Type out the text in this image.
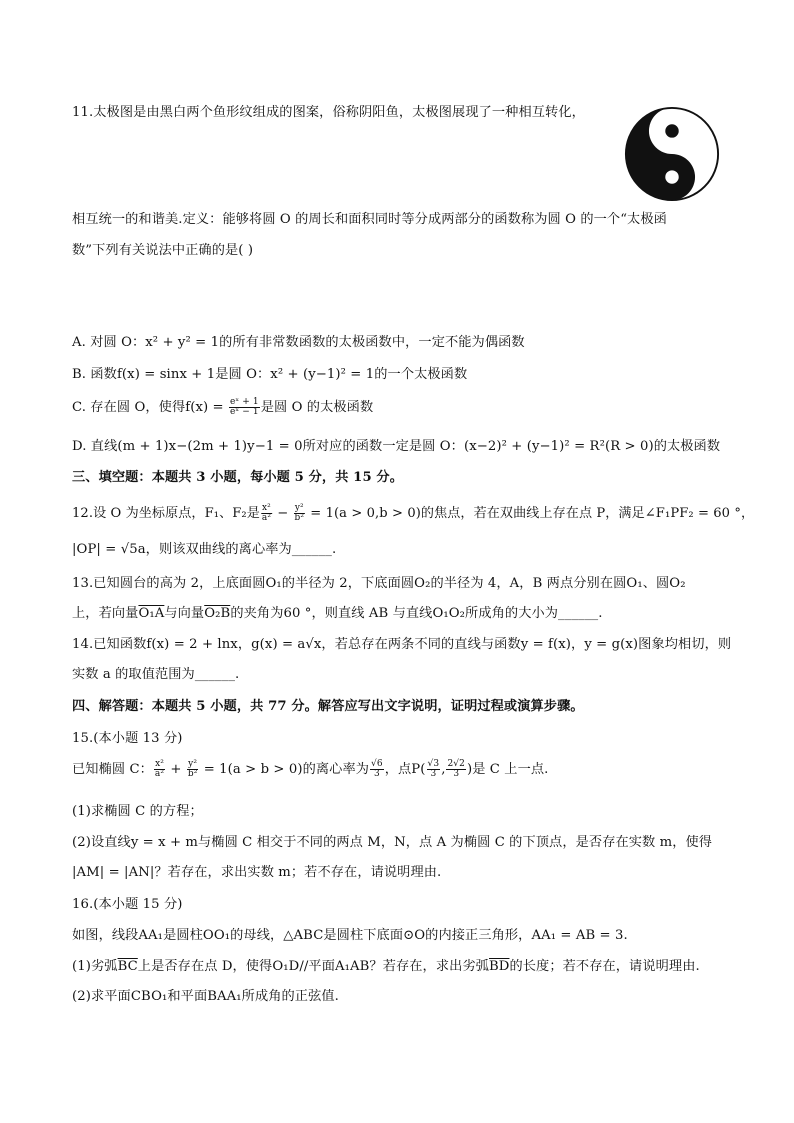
11.太极图是由黑白两个鱼形纹组成的图案，俗称阴阳鱼，太极图展现了一种相互转化，
相互统一的和谐美.定义：能够将圆 O 的周长和面积同时等分成两部分的函数称为圆 O 的一个“太极函
数”下列有关说法中正确的是( )
A. 对圆 O：x² + y² = 1的所有非常数函数的太极函数中，一定不能为偶函数
B. 函数f(x) = sinx + 1是圆 O：x² + (y−1)² = 1的一个太极函数
C. 存在圆 O，使得$f(x) = \frac{\text{eˣ + 1}}{\text{eˣ − 1}}$ 是圆 O 的太极函数
D. 直线(m + 1)x−(2m + 1)y−1 = 0所对应的函数一定是圆 O：(x−2)² + (y−1)² = R²(R > 0)的太极函数
三、填空题：本题共 3 小题，每小题 5 分，共 15 分。
12.设 O 为坐标原点，F₁、F₂是 $\frac{\text{x²}}{\text{a²}} - \frac{\text{y²}}{\text{b²}} = 1(a > 0,b > 0)$的焦点，若在双曲线上存在点 P，满足∠F₁PF₂ = 60 °，
|OP| = √5a，则该双曲线的离心率为______.
13.已知圆台的高为 2，上底面圆O₁的半径为 2，下底面圆O₂的半径为 4，A，B 两点分别在圆O₁、圆O₂
上，若向量O₁A与向量O₂B的夹角为60 °，则直线 AB 与直线O₁O₂所成角的大小为______.
14.已知函数f(x) = 2 + lnx，g(x) = a√x，若总存在两条不同的直线与函数y = f(x)，y = g(x)图象均相切，则
实数 a 的取值范围为______.
四、解答题：本题共 5 小题，共 77 分。解答应写出文字说明，证明过程或演算步骤。
15.(本小题 13 分)
已知椭圆 C： $\frac{\text{x²}}{\text{a²}} + \frac{\text{y²}}{\text{b²}} = 1(a > b > 0)$的离心率为 $\frac{√6}{3}$ ，点$P( \frac{√3}{3}$ , $\frac{2√2}{3}$ )是 C 上一点.
(1)求椭圆 C 的方程；
(2)设直线y = x + m与椭圆 C 相交于不同的两点 M，N，点 A 为椭圆 C 的下顶点，是否存在实数 m，使得
|AM| = |AN|？若存在，求出实数 m；若不存在，请说明理由.
16.(本小题 15 分)
如图，线段AA₁是圆柱OO₁的母线，△ABC是圆柱下底面⊙O的内接正三角形，AA₁ = AB = 3.
(1)劣弧$\overline{BC}$上是否存在点 D，使得O₁D//平面A₁AB？若存在，求出劣弧$\overline{BD}$的长度；若不存在，请说明理由.
(2)求平面CBO₁和平面BAA₁所成角的正弦值.
